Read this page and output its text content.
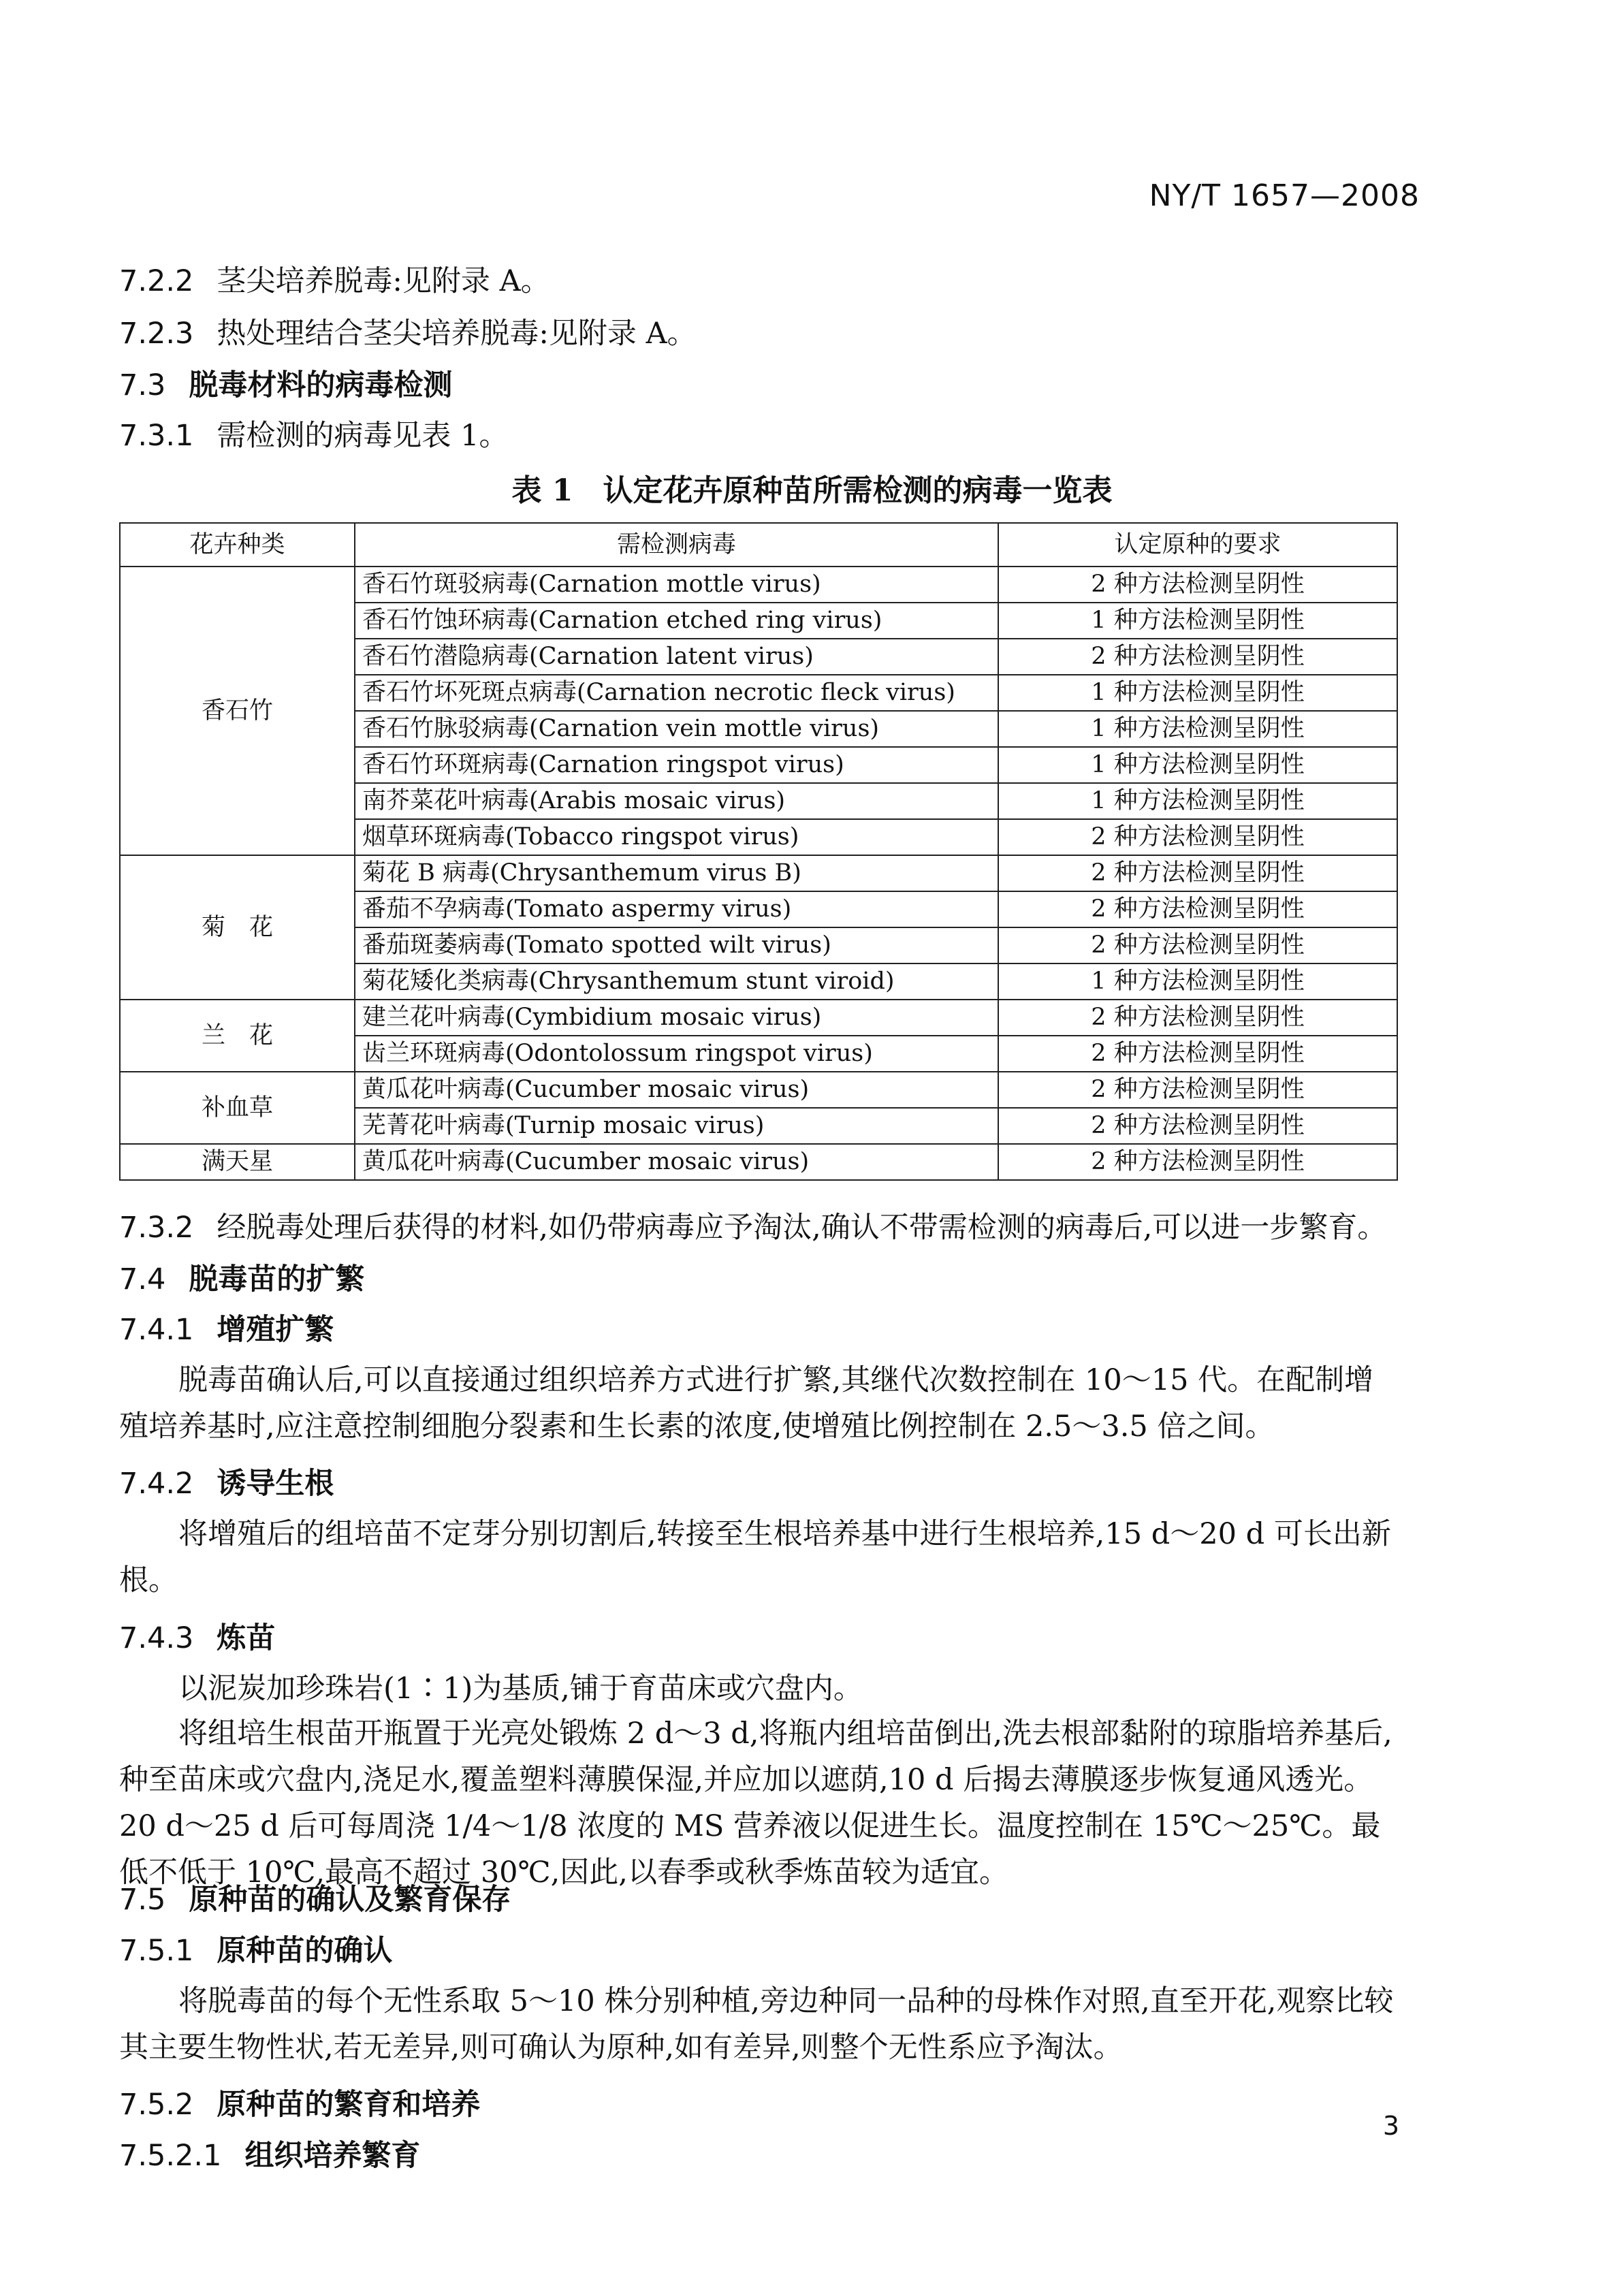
NY/T 1657—2008
7.2.2 茎尖培养脱毒:见附录 A。
7.2.3 热处理结合茎尖培养脱毒:见附录 A。
7.3 脱毒材料的病毒检测
7.3.1 需检测的病毒见表 1。
表 1　认定花卉原种苗所需检测的病毒一览表
花卉种类	需检测病毒	认定原种的要求
香石竹	香石竹斑驳病毒(Carnation mottle virus)	2 种方法检测呈阴性
	香石竹蚀环病毒(Carnation etched ring virus)	1 种方法检测呈阴性
	香石竹潜隐病毒(Carnation latent virus)	2 种方法检测呈阴性
	香石竹坏死斑点病毒(Carnation necrotic fleck virus)	1 种方法检测呈阴性
	香石竹脉驳病毒(Carnation vein mottle virus)	1 种方法检测呈阴性
	香石竹环斑病毒(Carnation ringspot virus)	1 种方法检测呈阴性
	南芥菜花叶病毒(Arabis mosaic virus)	1 种方法检测呈阴性
	烟草环斑病毒(Tobacco ringspot virus)	2 种方法检测呈阴性
菊　花	菊花 B 病毒(Chrysanthemum virus B)	2 种方法检测呈阴性
	番茄不孕病毒(Tomato aspermy virus)	2 种方法检测呈阴性
	番茄斑萎病毒(Tomato spotted wilt virus)	2 种方法检测呈阴性
	菊花矮化类病毒(Chrysanthemum stunt viroid)	1 种方法检测呈阴性
兰　花	建兰花叶病毒(Cymbidium mosaic virus)	2 种方法检测呈阴性
	齿兰环斑病毒(Odontolossum ringspot virus)	2 种方法检测呈阴性
补血草	黄瓜花叶病毒(Cucumber mosaic virus)	2 种方法检测呈阴性
	芜菁花叶病毒(Turnip mosaic virus)	2 种方法检测呈阴性
满天星	黄瓜花叶病毒(Cucumber mosaic virus)	2 种方法检测呈阴性
7.3.2 经脱毒处理后获得的材料,如仍带病毒应予淘汰,确认不带需检测的病毒后,可以进一步繁育。
7.4 脱毒苗的扩繁
7.4.1 增殖扩繁
脱毒苗确认后,可以直接通过组织培养方式进行扩繁,其继代次数控制在 10～15 代。在配制增殖培养基时,应注意控制细胞分裂素和生长素的浓度,使增殖比例控制在 2.5～3.5 倍之间。
7.4.2 诱导生根
将增殖后的组培苗不定芽分别切割后,转接至生根培养基中进行生根培养,15 d～20 d 可长出新根。
7.4.3 炼苗
以泥炭加珍珠岩(1∶1)为基质,铺于育苗床或穴盘内。
将组培生根苗开瓶置于光亮处锻炼 2 d～3 d,将瓶内组培苗倒出,洗去根部黏附的琼脂培养基后,种至苗床或穴盘内,浇足水,覆盖塑料薄膜保湿,并应加以遮荫,10 d 后揭去薄膜逐步恢复通风透光。20 d～25 d 后可每周浇 1/4～1/8 浓度的 MS 营养液以促进生长。温度控制在 15℃～25℃。最低不低于 10℃,最高不超过 30℃,因此,以春季或秋季炼苗较为适宜。
7.5 原种苗的确认及繁育保存
7.5.1 原种苗的确认
将脱毒苗的每个无性系取 5～10 株分别种植,旁边种同一品种的母株作对照,直至开花,观察比较其主要生物性状,若无差异,则可确认为原种,如有差异,则整个无性系应予淘汰。
7.5.2 原种苗的繁育和培养
7.5.2.1 组织培养繁育
3
